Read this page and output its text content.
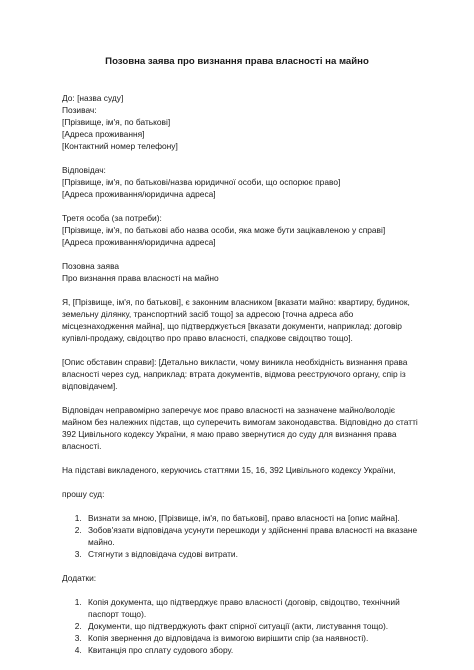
Позовна заява про визнання права власності на майно
До: [назва суду]
Позивач:
[Прізвище, ім'я, по батькові]
[Адреса проживання]
[Контактний номер телефону]
Відповідач:
[Прізвище, ім'я, по батькові/назва юридичної особи, що оспорює право]
[Адреса проживання/юридична адреса]
Третя особа (за потреби):
[Прізвище, ім'я, по батькові або назва особи, яка може бути зацікавленою у справі]
[Адреса проживання/юридична адреса]
Позовна заява
Про визнання права власності на майно

Я, [Прізвище, ім'я, по батькові], є законним власником [вказати майно: квартиру, будинок, земельну ділянку, транспортний засіб тощо] за адресою [точна адреса або місцезнаходження майна], що підтверджується [вказати документи, наприклад: договір купівлі-продажу, свідоцтво про право власності, спадкове свідоцтво тощо].

[Опис обставин справи]: [Детально викласти, чому виникла необхідність визнання права власності через суд, наприклад: втрата документів, відмова реєструючого органу, спір із відповідачем].

Відповідач неправомірно заперечує моє право власності на зазначене майно/володіє майном без належних підстав, що суперечить вимогам законодавства. Відповідно до статті 392 Цивільного кодексу України, я маю право звернутися до суду для визнання права власності.

На підставі викладеного, керуючись статтями 15, 16, 392 Цивільного кодексу України,

прошу суд:

1. Визнати за мною, [Прізвище, ім'я, по батькові], право власності на [опис майна].
2. Зобов'язати відповідача усунути перешкоди у здійсненні права власності на вказане майно.
3. Стягнути з відповідача судові витрати.

Додатки:

1. Копія документа, що підтверджує право власності (договір, свідоцтво, технічний паспорт тощо).
2. Документи, що підтверджують факт спірної ситуації (акти, листування тощо).
3. Копія звернення до відповідача із вимогою вирішити спір (за наявності).
4. Квитанція про сплату судового збору.
